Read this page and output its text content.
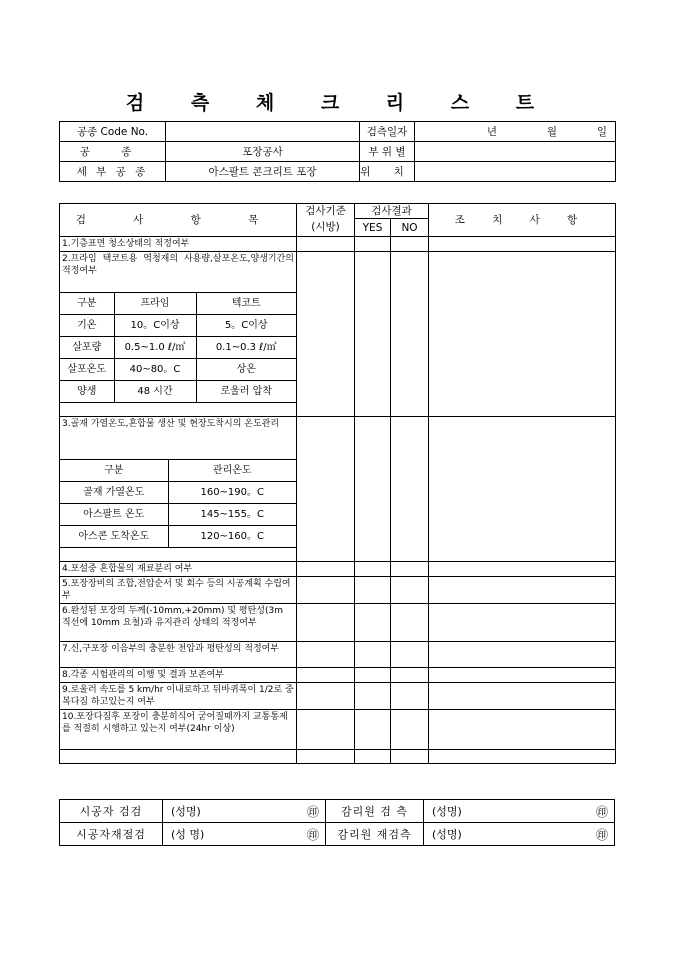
검 측 체 크 리 스 트
공종 Code No.		검측일자	년 월 일
공 종	포장공사	부 위 별	
세 부 공 종	아스팔트 콘크리트 포장	위 치	
검 사 항 목	검사기준	검사결과	조 치 사 항
(시방)	YES	NO
1.기층표면 청소상태의 적정여부				

2.프라임 택코트용 역청재의 사용량,살포온도,양생기간의 적정여부
구분	프라임	텍코트
기온	10。C이상	5。C이상
살포량	0.5~1.0 ℓ/㎡	0.1~0.3 ℓ/㎡
살포온도	40~80。C	상온
양생	48 시간	로울러 압착

3.골재 가열온도,혼합물 생산 및 현장도착시의 온도관리
구분	관리온도
골재 가열온도	160~190。C
아스팔트 온도	145~155。C
아스콘 도착온도	120~160。C

4.포설중 혼합물의 재료분리 여부				
5.포장장비의 조합,전압순서 및 회수 등의 시공계획 수립여부				
6.완성된 포장의 두께(-10mm,+20mm) 및 평탄성(3m 직선에 10mm 요철)과 유지관리 상태의 적정여부				
7.신,구포장 이음부의 충분한 전압과 평탄성의 적정여부				
8.각종 시험관리의 이행 및 결과 보존여부				
9.로울러 속도를 5 km/hr 이내로하고 뒤바퀴폭이 1/2로 중복다짐 하고있는지 여부				
10.포장다짐후 포장이 충분히식어 굳어질때까지 교통통제를 적절히 시행하고 있는지 여부(24hr 이상)				

시공자 검검	(성명) ㊞	감리원 검 측	(성명) ㊞

시공자재점검	(성 명) ㊞	감리원 재검측	(성명) ㊞
